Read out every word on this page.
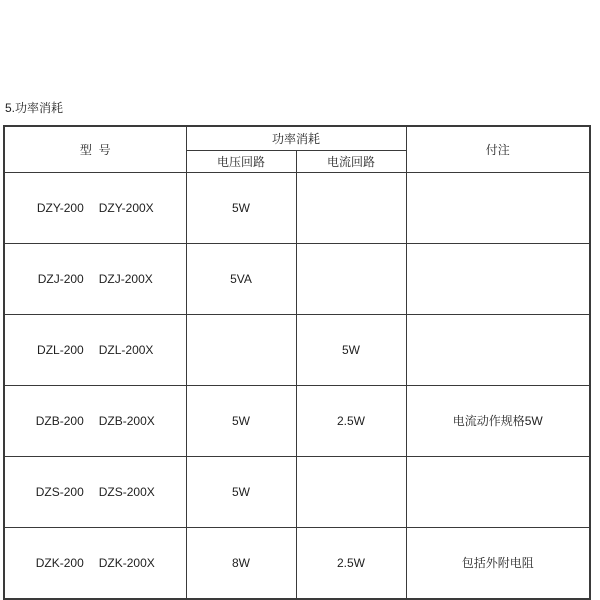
5.功率消耗
型  号	功率消耗		付注
	电压回路	电流回路	

DZY-200 DZY-200X	5W		

DZJ-200 DZJ-200X	5VA		

DZL-200 DZL-200X		5W	

DZB-200 DZB-200X	5W	2.5W	电流动作规格5W

DZS-200 DZS-200X	5W		

DZK-200 DZK-200X	8W	2.5W	包括外附电阻
